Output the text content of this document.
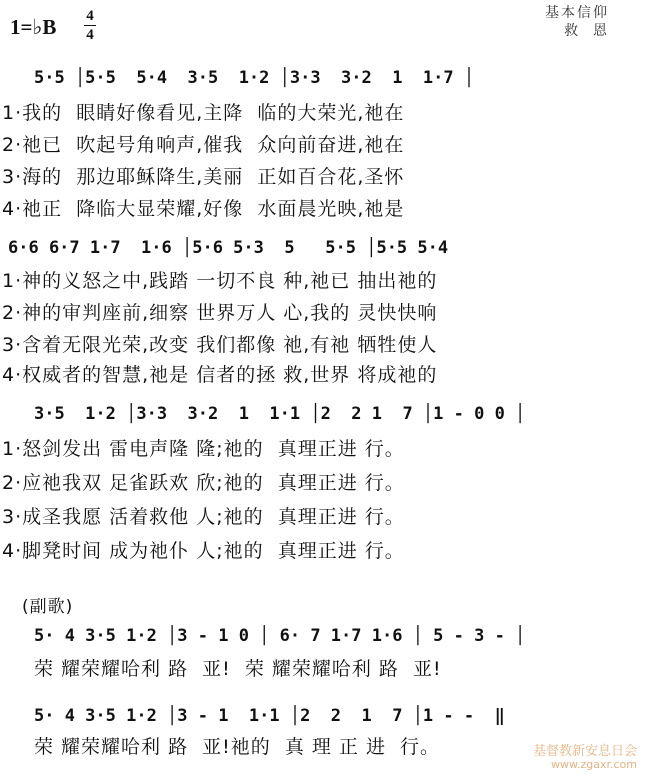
1=♭B 4
4
基本信仰
救  恩
5·5 │5·5  5·4  3·5  1·2 │3·3  3·2  1  1·7 │
1·我的  眼睛好像看见,主降  临的大荣光,祂在
2·祂已  吹起号角响声,催我  众向前奋进,祂在
3·海的  那边耶稣降生,美丽  正如百合花,圣怀
4·祂正  降临大显荣耀,好像  水面晨光映,祂是
6·6 6·7 1·7  1·6 │5·6 5·3  5   5·5 │5·5 5·4
1·神的义怒之中,践踏 一切不良 种,祂已 抽出祂的
2·神的审判座前,细察 世界万人 心,我的 灵快快响
3·含着无限光荣,改变 我们都像 祂,有祂 牺牲使人
4·权威者的智慧,祂是 信者的拯 救,世界 将成祂的
3·5  1·2 │3·3  3·2  1  1·1 │2  2 1  7 │1 - 0 0 │
1·怒剑发出 雷电声隆 隆;祂的  真理正进 行。
2·应祂我双 足雀跃欢 欣;祂的  真理正进 行。
3·成圣我愿 活着救他 人;祂的  真理正进 行。
4·脚凳时间 成为祂仆 人;祂的  真理正进 行。
(副歌)
5· 4 3·5 1·2 │3 - 1 0 │ 6· 7 1·7 1·6 │ 5 - 3 - │
荣 耀荣耀哈利 路  亚!  荣 耀荣耀哈利 路  亚!
5· 4 3·5 1·2 │3 - 1  1·1 │2  2  1  7 │1 - -  ‖
荣 耀荣耀哈利 路  亚!祂的  真 理 正 进  行。	基督教新安息日会
www.zgaxr.com
